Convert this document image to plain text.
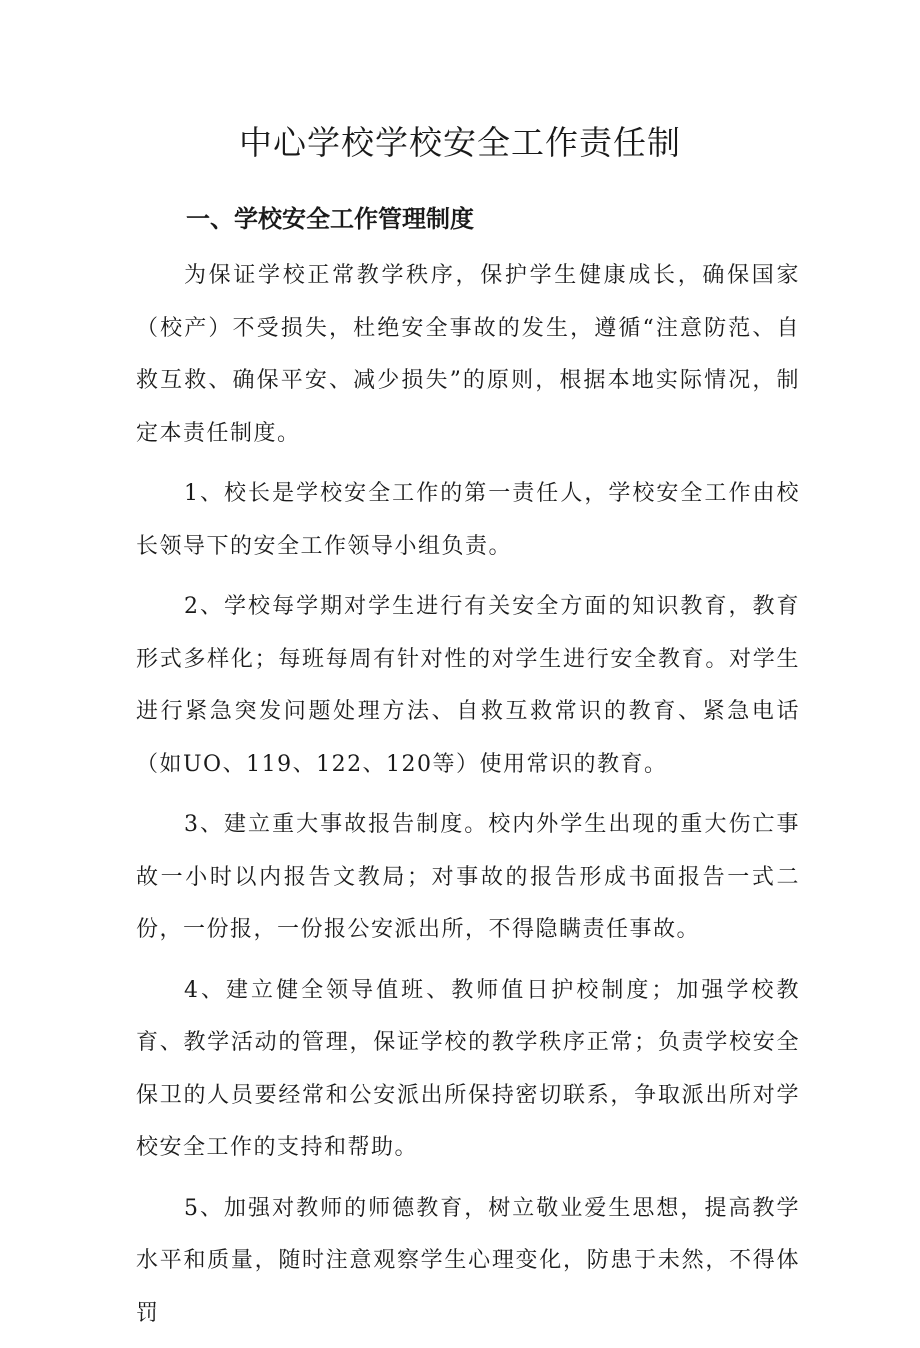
中心学校学校安全工作责任制
一、学校安全工作管理制度

为保证学校正常教学秩序，保护学生健康成长，确保国家（校产）不受损失，杜绝安全事故的发生，遵循“注意防范、自救互救、确保平安、减少损失”的原则，根据本地实际情况，制定本责任制度。

1、校长是学校安全工作的第一责任人，学校安全工作由校长领导下的安全工作领导小组负责。

2、学校每学期对学生进行有关安全方面的知识教育，教育形式多样化；每班每周有针对性的对学生进行安全教育。对学生进行紧急突发问题处理方法、自救互救常识的教育、紧急电话（如UO、119、122、120等）使用常识的教育。

3、建立重大事故报告制度。校内外学生出现的重大伤亡事故一小时以内报告文教局；对事故的报告形成书面报告一式二份，一份报，一份报公安派出所，不得隐瞒责任事故。

4、建立健全领导值班、教师值日护校制度；加强学校教育、教学活动的管理，保证学校的教学秩序正常；负责学校安全保卫的人员要经常和公安派出所保持密切联系，争取派出所对学校安全工作的支持和帮助。

5、加强对教师的师德教育，树立敬业爱生思想，提高教学水平和质量，随时注意观察学生心理变化，防患于未然，不得体罚
